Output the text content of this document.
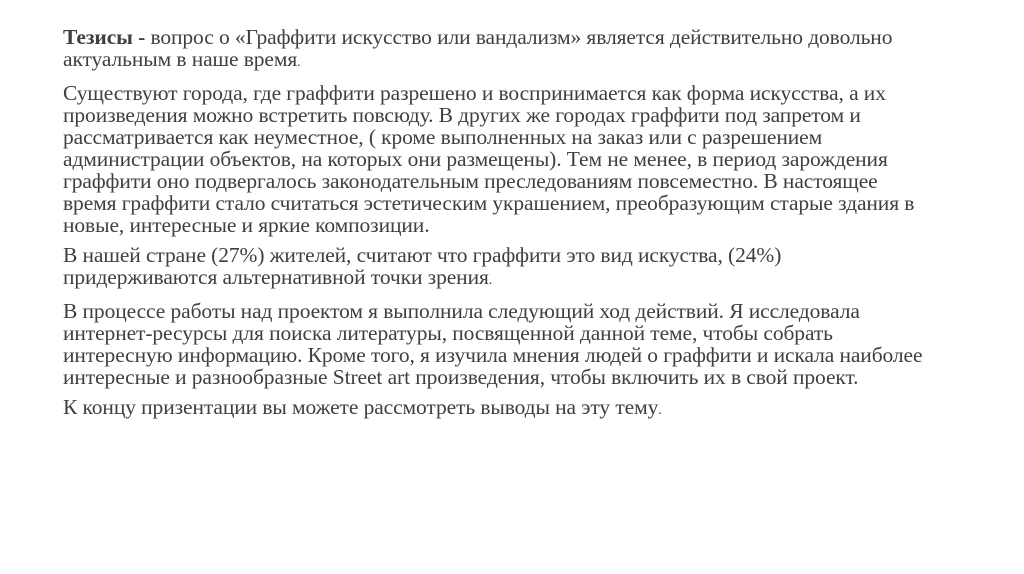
Тезисы - вопрос о «Граффити искусство или вандализм» является действительно довольно актуальным в наше время.

Существуют города, где граффити разрешено и воспринимается как форма искусства, а их произведения можно встретить повсюду. В других же городах граффити под запретом и рассматривается как неуместное, ( кроме выполненных на заказ или с разрешением администрации объектов, на которых они размещены). Тем не менее, в период зарождения граффити оно подвергалось законодательным преследованиям повсеместно. В настоящее время граффити стало считаться эстетическим украшением, преобразующим старые здания в новые, интересные и яркие композиции.

В нашей стране (27%) жителей, считают что граффити это вид искуства, (24%) придерживаются альтернативной точки зрения.

В процессе работы над проектом я выполнила следующий ход действий. Я исследовала интернет-ресурсы для поиска литературы, посвященной данной теме, чтобы собрать интересную информацию. Кроме того, я изучила мнения людей о граффити и искала наиболее интересные и разнообразные Street art произведения, чтобы включить их в свой проект.

К концу призентации вы можете рассмотреть выводы на эту тему.
